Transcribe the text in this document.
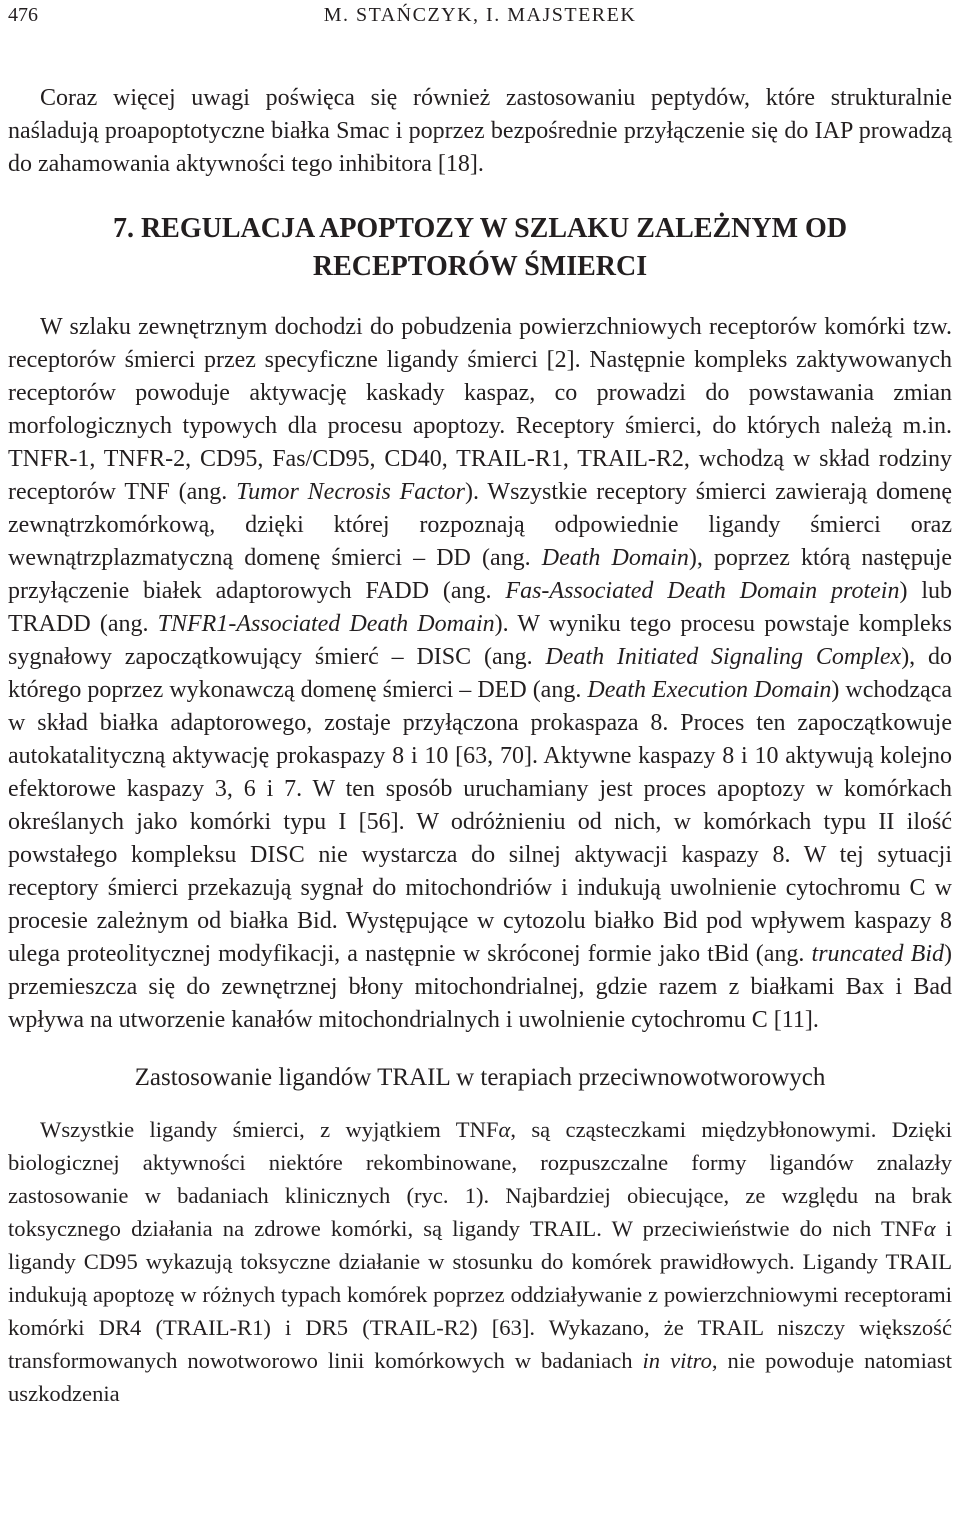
476	M. STAŃCZYK, I. MAJSTEREK

Coraz więcej uwagi poświęca się również zastosowaniu peptydów, które strukturalnie naśladują proapoptotyczne białka Smac i poprzez bezpośrednie przyłączenie się do IAP prowadzą do zahamowania aktywności tego inhibitora [18].

7. REGULACJA APOPTOZY W SZLAKU ZALEŻNYM OD RECEPTORÓW ŚMIERCI

W szlaku zewnętrznym dochodzi do pobudzenia powierzchniowych receptorów komórki tzw. receptorów śmierci przez specyficzne ligandy śmierci [2]. Następnie kompleks zaktywowanych receptorów powoduje aktywację kaskady kaspaz, co prowadzi do powstawania zmian morfologicznych typowych dla procesu apoptozy. Receptory śmierci, do których należą m.in. TNFR-1, TNFR-2, CD95, Fas/CD95, CD40, TRAIL-R1, TRAIL-R2, wchodzą w skład rodziny receptorów TNF (ang. Tumor Necrosis Factor). Wszystkie receptory śmierci zawierają domenę zewnątrzkomórkową, dzięki której rozpoznają odpowiednie ligandy śmierci oraz wewnątrzplazmatyczną domenę śmierci – DD (ang. Death Domain), poprzez którą następuje przyłączenie białek adaptorowych FADD (ang. Fas-Associated Death Domain protein) lub TRADD (ang. TNFR1-Associated Death Domain). W wyniku tego procesu powstaje kompleks sygnałowy zapoczątkowujący śmierć – DISC (ang. Death Initiated Signaling Complex), do którego poprzez wykonawczą domenę śmierci – DED (ang. Death Execution Domain) wchodząca w skład białka adaptorowego, zostaje przyłączona prokaspaza 8. Proces ten zapoczątkowuje autokatalityczną aktywację prokaspazy 8 i 10 [63, 70]. Aktywne kaspazy 8 i 10 aktywują kolejno efektorowe kaspazy 3, 6 i 7. W ten sposób uruchamiany jest proces apoptozy w komórkach określanych jako komórki typu I [56]. W odróżnieniu od nich, w komórkach typu II ilość powstałego kompleksu DISC nie wystarcza do silnej aktywacji kaspazy 8. W tej sytuacji receptory śmierci przekazują sygnał do mitochondriów i indukują uwolnienie cytochromu C w procesie zależnym od białka Bid. Występujące w cytozolu białko Bid pod wpływem kaspazy 8 ulega proteolitycznej modyfikacji, a następnie w skróconej formie jako tBid (ang. truncated Bid) przemieszcza się do zewnętrznej błony mitochondrialnej, gdzie razem z białkami Bax i Bad wpływa na utworzenie kanałów mitochondrialnych i uwolnienie cytochromu C [11].

Zastosowanie ligandów TRAIL w terapiach przeciwnowotworowych

Wszystkie ligandy śmierci, z wyjątkiem TNFα, są cząsteczkami międzybłonowymi. Dzięki biologicznej aktywności niektóre rekombinowane, rozpuszczalne formy ligandów znalazły zastosowanie w badaniach klinicznych (ryc. 1). Najbardziej obiecujące, ze względu na brak toksycznego działania na zdrowe komórki, są ligandy TRAIL. W przeciwieństwie do nich TNFα i ligandy CD95 wykazują toksyczne działanie w stosunku do komórek prawidłowych. Ligandy TRAIL indukują apoptozę w różnych typach komórek poprzez oddziaływanie z powierzchniowymi receptorami komórki DR4 (TRAIL-R1) i DR5 (TRAIL-R2) [63]. Wykazano, że TRAIL niszczy większość transformowanych nowotworowo linii komórkowych w badaniach in vitro, nie powoduje natomiast uszkodzenia
